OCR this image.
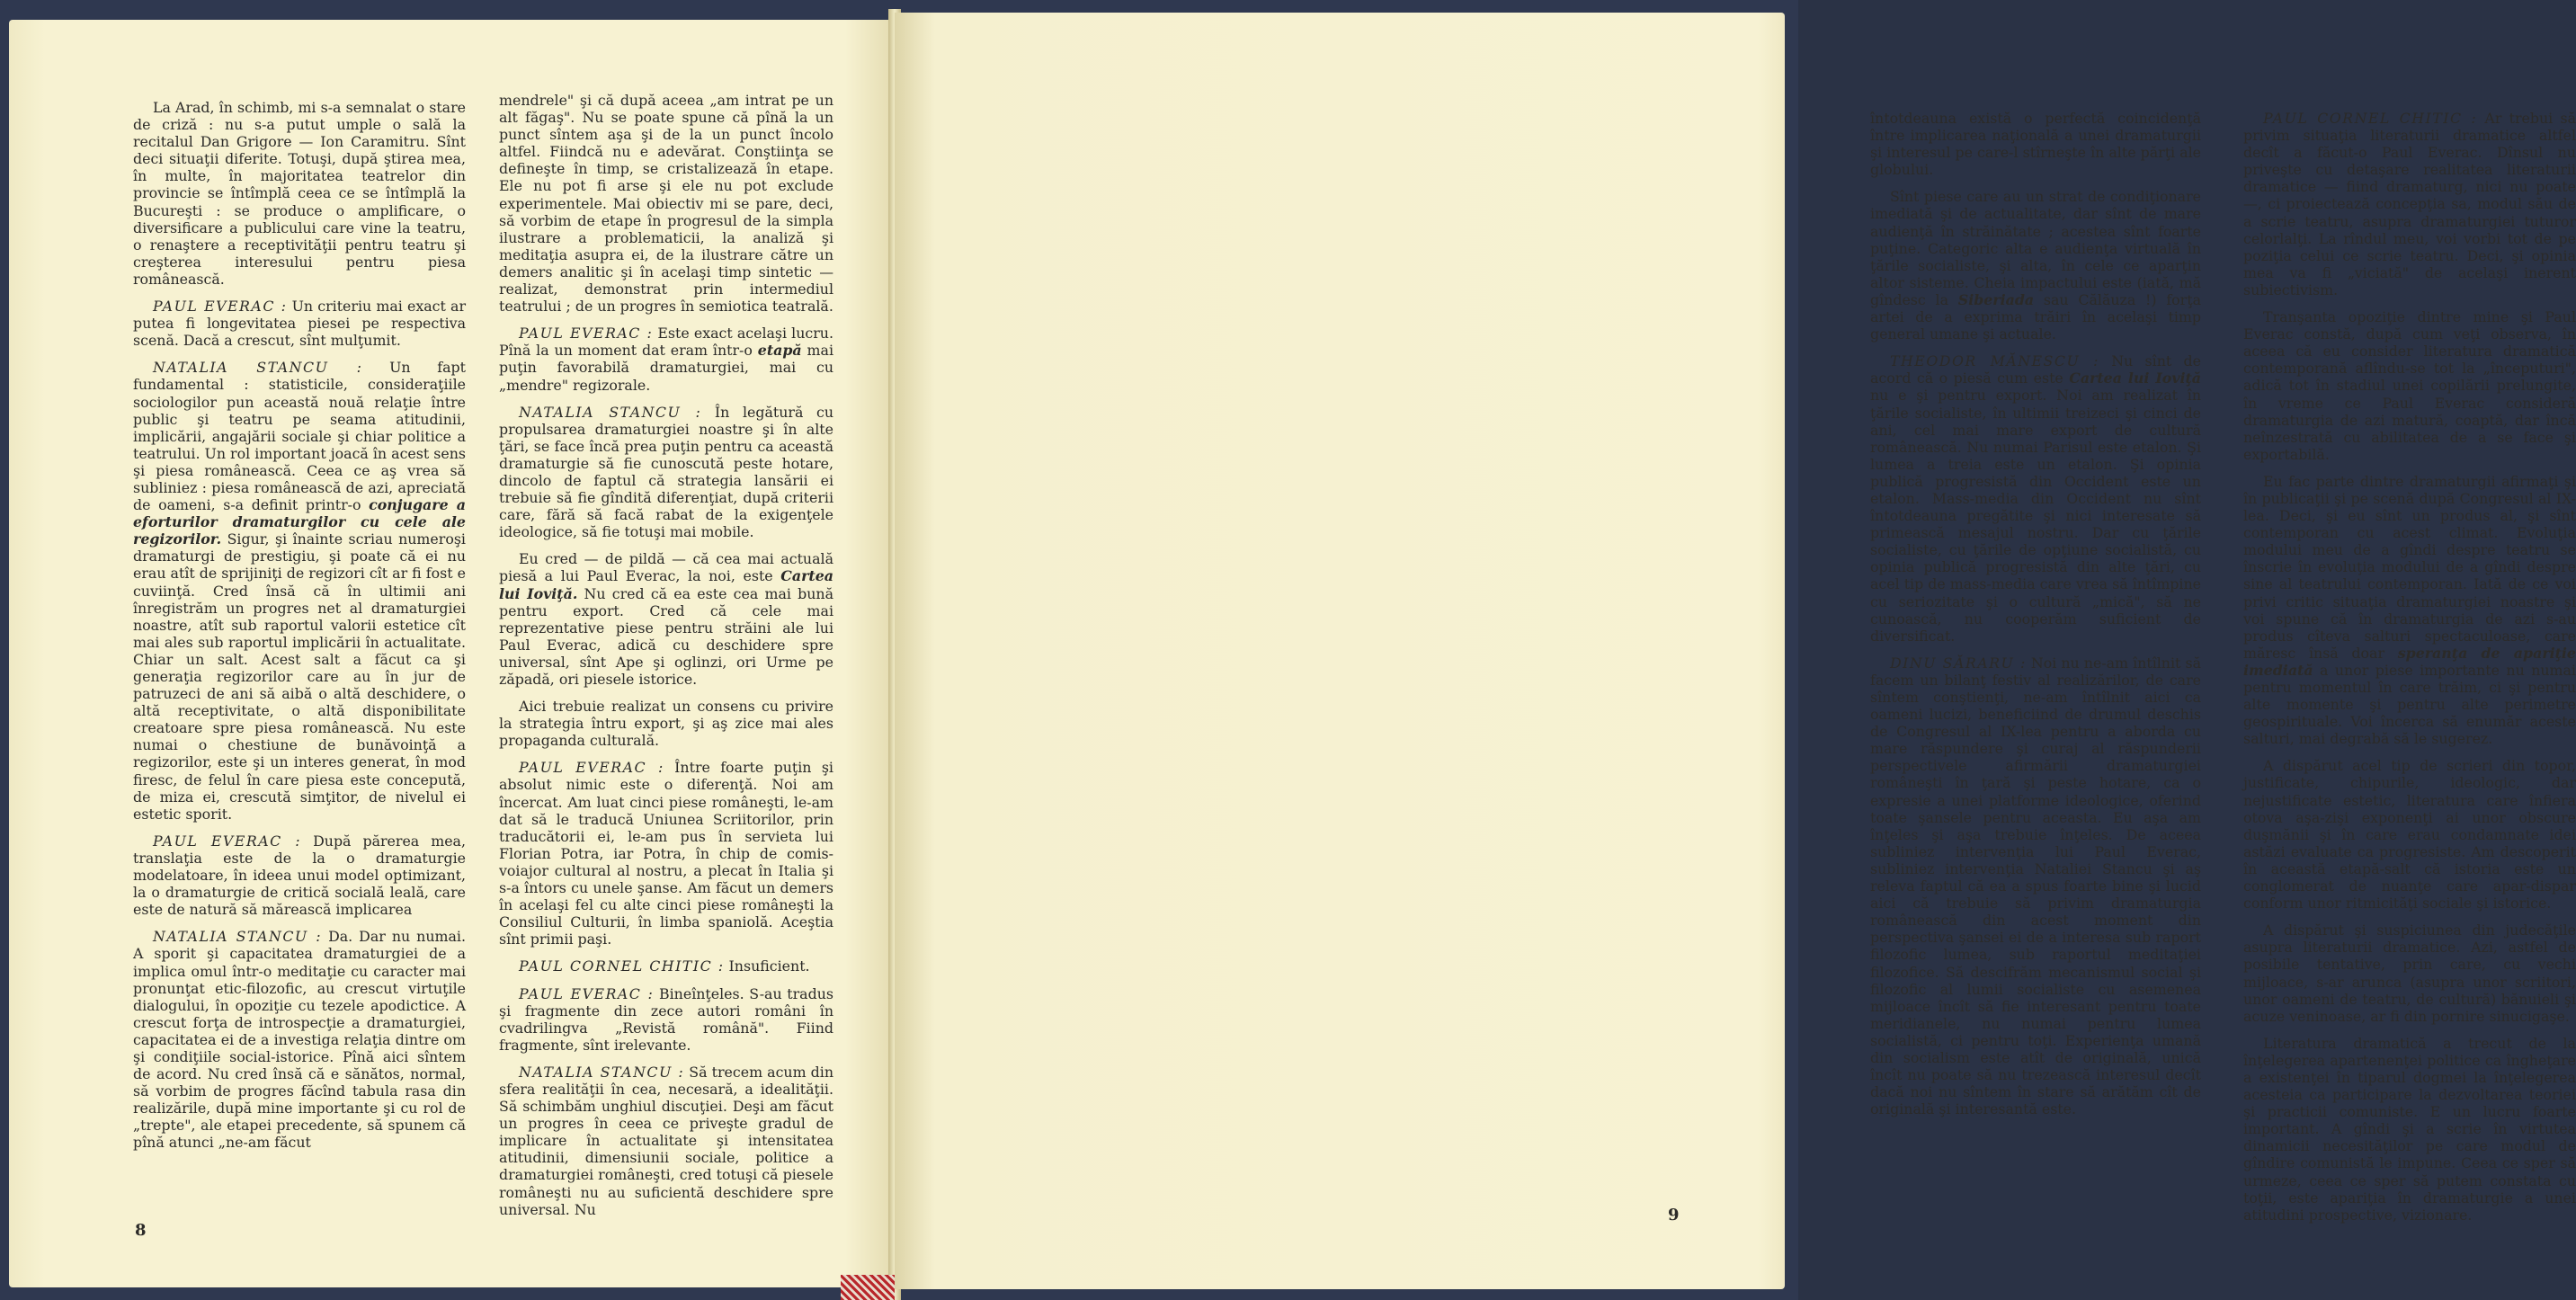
La Arad, în schimb, mi s-a semnalat o stare de criză : nu s-a putut umple o sală la recitalul Dan Grigore — Ion Caramitru. Sînt deci situaţii diferite. Totuşi, după ştirea mea, în multe, în majoritatea teatrelor din provincie se întîmplă ceea ce se întîmplă la Bucureşti : se produce o amplificare, o diversificare a publicului care vine la teatru, o renaştere a receptivităţii pentru teatru şi creşterea interesului pentru piesa românească.

PAUL EVERAC : Un criteriu mai exact ar putea fi longevitatea piesei pe respectiva scenă. Dacă a crescut, sînt mulţumit.

NATALIA STANCU : Un fapt fundamental : statisticile, consideraţiile sociologilor pun această nouă relaţie între public şi teatru pe seama atitudinii, implicării, angajării sociale şi chiar politice a teatrului. Un rol important joacă în acest sens şi piesa românească. Ceea ce aş vrea să subliniez : piesa românească de azi, apreciată de oameni, s-a definit printr-o conjugare a eforturilor dramaturgilor cu cele ale regizorilor. Sigur, şi înainte scriau numeroşi dramaturgi de prestigiu, şi poate că ei nu erau atît de sprijiniţi de regizori cît ar fi fost e cuviinţă. Cred însă că în ultimii ani înregistrăm un progres net al dramaturgiei noastre, atît sub raportul valorii estetice cît mai ales sub raportul implicării în actualitate. Chiar un salt. Acest salt a făcut ca şi generaţia regizorilor care au în jur de patruzeci de ani să aibă o altă deschidere, o altă receptivitate, o altă disponibilitate creatoare spre piesa românească. Nu este numai o chestiune de bunăvoinţă a regizorilor, este şi un interes generat, în mod firesc, de felul în care piesa este concepută, de miza ei, crescută simţitor, de nivelul ei estetic sporit.

PAUL EVERAC : După părerea mea, translaţia este de la o dramaturgie modelatoare, în ideea unui model optimizant, la o dramaturgie de critică socială leală, care este de natură să mărească implicarea

NATALIA STANCU : Da. Dar nu numai. A sporit şi capacitatea dramaturgiei de a implica omul într-o meditaţie cu caracter mai pronunţat etic-filozofic, au crescut virtuţile dialogului, în opoziţie cu tezele apodictice. A crescut forţa de introspecţie a dramaturgiei, capacitatea ei de a investiga relaţia dintre om şi condiţiile social-istorice. Pînă aici sîntem de acord. Nu cred însă că e sănătos, normal, să vorbim de progres făcînd tabula rasa din realizările, după mine importante şi cu rol de „trepte", ale etapei precedente, să spunem că pînă atunci „ne-am făcut

mendrele" şi că după aceea „am intrat pe un alt făgaş". Nu se poate spune că pînă la un punct sîntem aşa şi de la un punct încolo altfel. Fiindcă nu e adevărat. Conştiinţa se defineşte în timp, se cristalizează în etape. Ele nu pot fi arse şi ele nu pot exclude experimentele. Mai obiectiv mi se pare, deci, să vorbim de etape în progresul de la simpla ilustrare a problematicii, la analiză şi meditaţia asupra ei, de la ilustrare către un demers analitic şi în acelaşi timp sintetic — realizat, demonstrat prin intermediul teatrului ; de un progres în semiotica teatrală.

PAUL EVERAC : Este exact acelaşi lucru. Pînă la un moment dat eram într-o etapă mai puţin favorabilă dramaturgiei, mai cu „mendre" regizorale.

NATALIA STANCU : În legătură cu propulsarea dramaturgiei noastre şi în alte ţări, se face încă prea puţin pentru ca această dramaturgie să fie cunoscută peste hotare, dincolo de faptul că strategia lansării ei trebuie să fie gîndită diferenţiat, după criterii care, fără să facă rabat de la exigenţele ideologice, să fie totuşi mai mobile.

Eu cred — de pildă — că cea mai actuală piesă a lui Paul Everac, la noi, este Cartea lui Ioviţă. Nu cred că ea este cea mai bună pentru export. Cred că cele mai reprezentative piese pentru străini ale lui Paul Everac, adică cu deschidere spre universal, sînt Ape şi oglinzi, ori Urme pe zăpadă, ori piesele istorice.

Aici trebuie realizat un consens cu privire la strategia întru export, şi aş zice mai ales propaganda culturală.

PAUL EVERAC : Între foarte puţin şi absolut nimic este o diferenţă. Noi am încercat. Am luat cinci piese româneşti, le-am dat să le traducă Uniunea Scriitorilor, prin traducătorii ei, le-am pus în servieta lui Florian Potra, iar Potra, în chip de comis-voiajor cultural al nostru, a plecat în Italia şi s-a întors cu unele şanse. Am făcut un demers în acelaşi fel cu alte cinci piese româneşti la Consiliul Culturii, în limba spaniolă. Aceştia sînt primii paşi.

PAUL CORNEL CHITIC : Insuficient.

PAUL EVERAC : Bineînţeles. S-au tradus şi fragmente din zece autori români în cvadrilingva „Revistă română". Fiind fragmente, sînt irelevante.

NATALIA STANCU : Să trecem acum din sfera realităţii în cea, necesară, a idealităţii. Să schimbăm unghiul discuţiei. Deşi am făcut un progres în ceea ce priveşte gradul de implicare în actualitate şi intensitatea atitudinii, dimensiunii sociale, politice a dramaturgiei româneşti, cred totuşi că piesele româneşti nu au suficientă deschidere spre universal. Nu

8

întotdeauna există o perfectă coincidenţă între implicarea naţională a unei dramaturgii şi interesul pe care-l stîrneşte în alte părţi ale globului.

Sînt piese care au un strat de condiţionare imediată şi de actualitate, dar sînt de mare audienţă în străinătate ; acestea sînt foarte puţine. Categoric alta e audienţa virtuală în ţările socialiste, şi alta, în cele ce aparţin altor sisteme. Cheia impactului este (iată, mă gîndesc la Siberiada sau Călăuza !) forţa artei de a exprima trăiri în acelaşi timp general umane şi actuale.

THEODOR MĂNESCU : Nu sînt de acord că o piesă cum este Cartea lui Ioviţă nu e şi pentru export. Noi am realizat în ţările socialiste, în ultimii treizeci şi cinci de ani, cel mai mare export de cultură românească. Nu numai Parisul este etalon. Şi lumea a treia este un etalon. Şi opinia publică progresistă din Occident este un etalon. Mass-media din Occident nu sînt întotdeauna pregătite şi nici interesate să primească mesajul nostru. Dar cu ţările socialiste, cu ţările de opţiune socialistă, cu opinia publică progresistă din alte ţări, cu acel tip de mass-media care vrea să întîmpine cu seriozitate şi o cultură „mică", să ne cunoască, nu cooperăm suficient de diversificat.

DINU SĂRARU : Noi nu ne-am întîlnit să facem un bilanţ festiv al realizărilor, de care sîntem conştienţi, ne-am întîlnit aici ca oameni lucizi, beneficiind de drumul deschis de Congresul al IX-lea pentru a aborda cu mare răspundere şi curaj al răspunderii perspectivele afirmării dramaturgiei româneşti în ţară şi peste hotare, ca o expresie a unei platforme ideologice, oferind toate şansele pentru aceasta. Eu aşa am înţeles şi aşa trebuie înţeles. De aceea subliniez intervenţia lui Paul Everac, subliniez intervenţia Nataliei Stancu şi aş releva faptul că ea a spus foarte bine şi lucid aici că trebuie să privim dramaturgia românească din acest moment din perspectiva şansei ei de a interesa sub raport filozofic lumea, sub raportul meditaţiei filozofice. Să descifrăm mecanismul social şi filozofic al lumii socialiste cu asemenea mijloace încît să fie interesant pentru toate meridianele, nu numai pentru lumea socialistă, ci pentru toţi. Experienţa umană din socialism este atît de originală, unică încît nu poate să nu trezească interesul decît dacă noi nu sîntem în stare să arătăm cît de originală şi interesantă este.

PAUL CORNEL CHITIC : Ar trebui să privim situaţia literaturii dramatice altfel decît a făcut-o Paul Everac. Dînsul nu priveşte cu detaşare realitatea literaturii dramatice — fiind dramaturg, nici nu poate —, ci proiectează concepţia sa, modul său de a scrie teatru, asupra dramaturgiei tuturor celorlalţi. La rîndul meu, voi vorbi tot de pe poziţia celui ce scrie teatru. Deci, şi opinia mea va fi „viciată" de acelaşi inerent subiectivism.

Tranşanta opoziţie dintre mine şi Paul Everac constă, după cum veţi observa, în aceea că eu consider literatura dramatică contemporană aflîndu-se tot la „începuturi", adică tot în stadiul unei copilării prelungite, în vreme ce Paul Everac consideră dramaturgia de azi matură, coaptă, dar încă neînzestrată cu abilitatea de a se face şi exportabilă.

Eu fac parte dintre dramaturgii afirmaţi şi în publicaţii şi pe scenă după Congresul al IX-lea. Deci, şi eu sînt un produs al, şi sînt contemporan cu acest climat. Evoluţia modului meu de a gîndi despre teatru se înscrie în evoluţia modului de a gîndi despre sine al teatrului contemporan. Iată de ce voi privi critic situaţia dramaturgiei noastre şi voi spune că în dramaturgia de azi s-au produs cîteva salturi spectaculoase, care măresc însă doar speranţa de apariţie imediată a unor piese importante nu numai pentru momentul în care trăim, ci şi pentru alte momente şi pentru alte perimetre geospirituale. Voi încerca să enumăr aceste salturi, mai degrabă să le sugerez.

A dispărut acel tip de scrieri din topor, justificate, chipurile, ideologic, dar nejustificate estetic, literatura care înfiera otova aşa-zişi exponenţi ai unor obscure duşmănii şi în care erau condamnate idei astăzi evaluate ca progresiste. Am descoperit în această etapă-salt că istoria este un conglomerat de nuanţe care apar-dispar conform unor ritmicităţi sociale şi istorice.

A dispărut şi suspiciunea din judecăţile asupra literaturii dramatice. Azi, astfel de posibile tentative, prin care, cu vechi mijloace, s-ar arunca (asupra unor scriitori, unor oameni de teatru, de cultură) bănuieli şi acuze veninoase, ar fi din pornire sinucigaşe.

Literatura dramatică a trecut de la înţelegerea apartenenţei politice ca îngheţare a existenţei în tiparul dogmei la înţelegerea acesteia ca participare la dezvoltarea teoriei şi practicii comuniste. E un lucru foarte important. A gîndi şi a scrie în virtutea dinamicii necesităţilor pe care modul de gîndire comunistă le impune. Ceea ce sper să urmeze, ceea ce sper să putem constata cu toţii, este apariţia în dramaturgie a unei atitudini prospective, vizionare.

9
